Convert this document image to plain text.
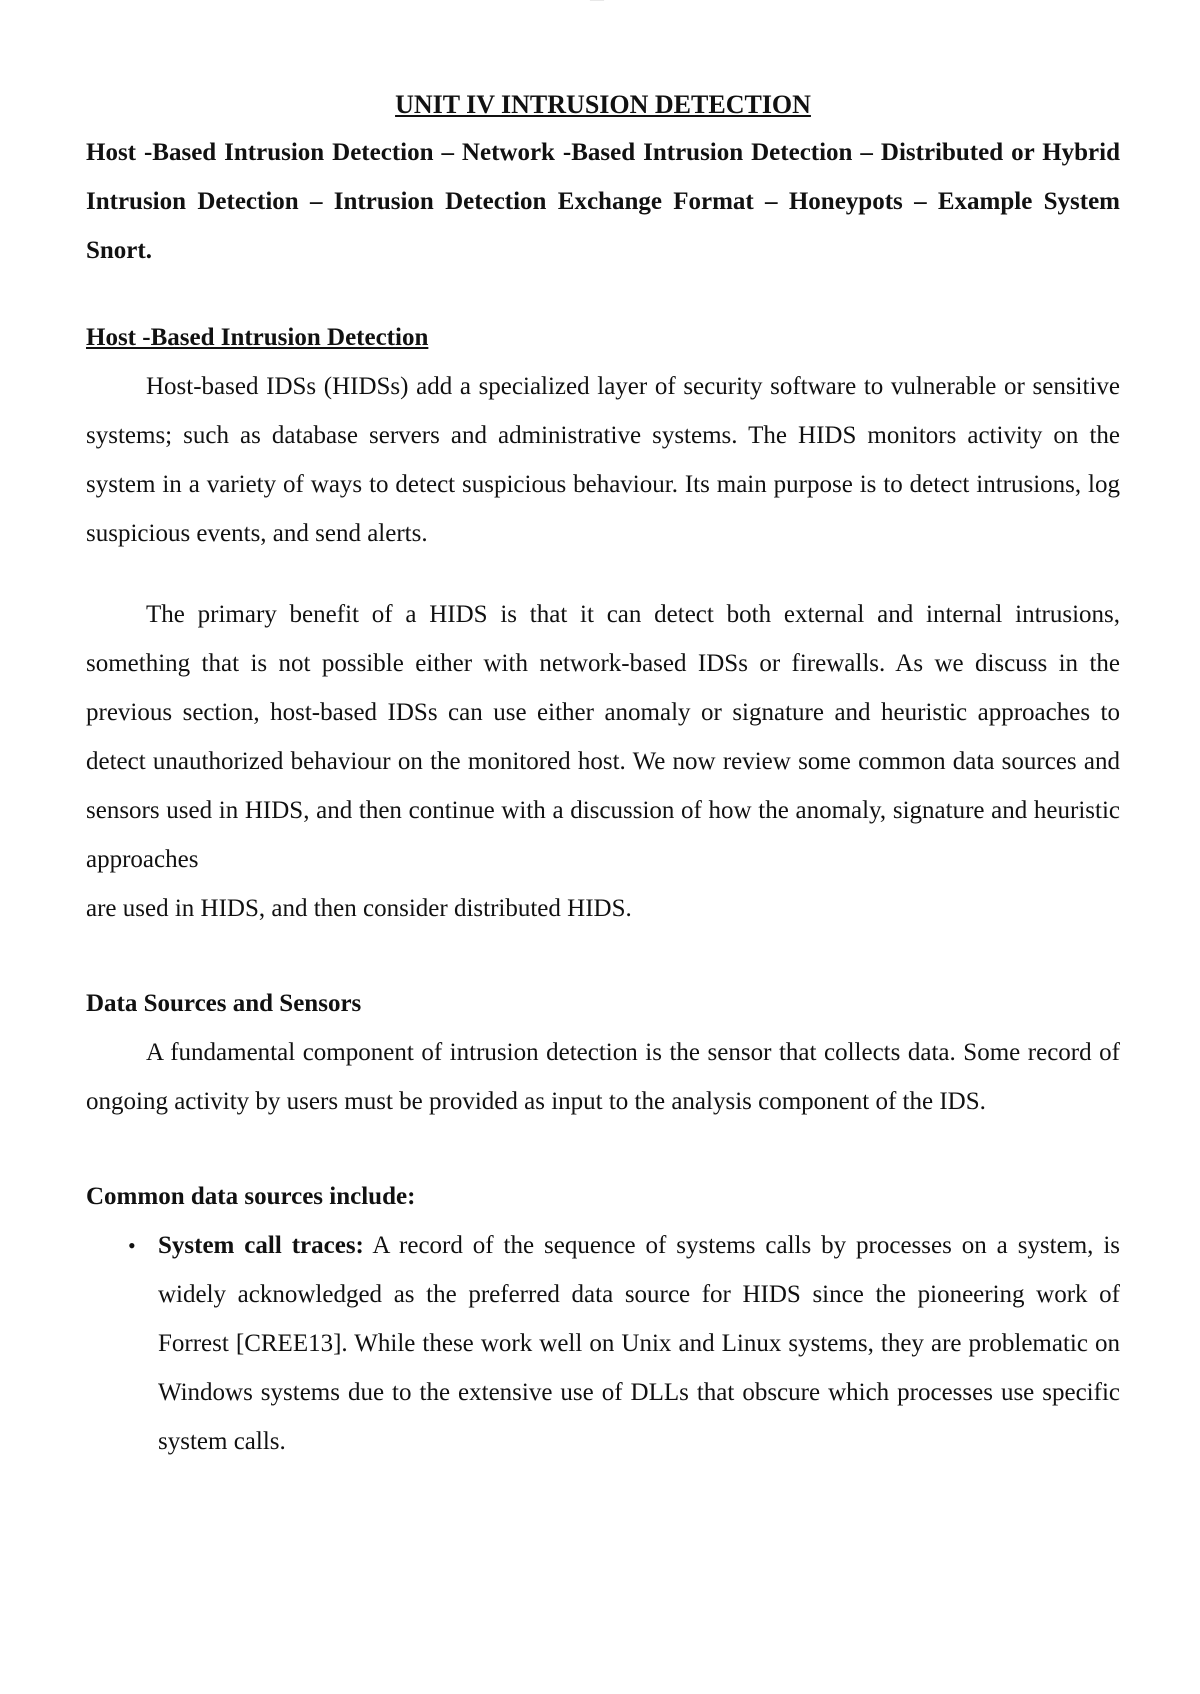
UNIT IV INTRUSION DETECTION

Host -Based Intrusion Detection – Network -Based Intrusion Detection – Distributed or Hybrid Intrusion Detection – Intrusion Detection Exchange Format – Honeypots – Example System Snort.

Host -Based Intrusion Detection

Host-based IDSs (HIDSs) add a specialized layer of security software to vulnerable or sensitive systems; such as database servers and administrative systems. The HIDS monitors activity on the system in a variety of ways to detect suspicious behaviour. Its main purpose is to detect intrusions, log suspicious events, and send alerts.

The primary benefit of a HIDS is that it can detect both external and internal intrusions, something that is not possible either with network-based IDSs or firewalls. As we discuss in the previous section, host-based IDSs can use either anomaly or signature and heuristic approaches to detect unauthorized behaviour on the monitored host. We now review some common data sources and sensors used in HIDS, and then continue with a discussion of how the anomaly, signature and heuristic approaches

are used in HIDS, and then consider distributed HIDS.

Data Sources and Sensors

A fundamental component of intrusion detection is the sensor that collects data. Some record of ongoing activity by users must be provided as input to the analysis component of the IDS.

Common data sources include:
• System call traces: A record of the sequence of systems calls by processes on a system, is widely acknowledged as the preferred data source for HIDS since the pioneering work of Forrest [CREE13]. While these work well on Unix and Linux systems, they are problematic on Windows systems due to the extensive use of DLLs that obscure which processes use specific system calls.
